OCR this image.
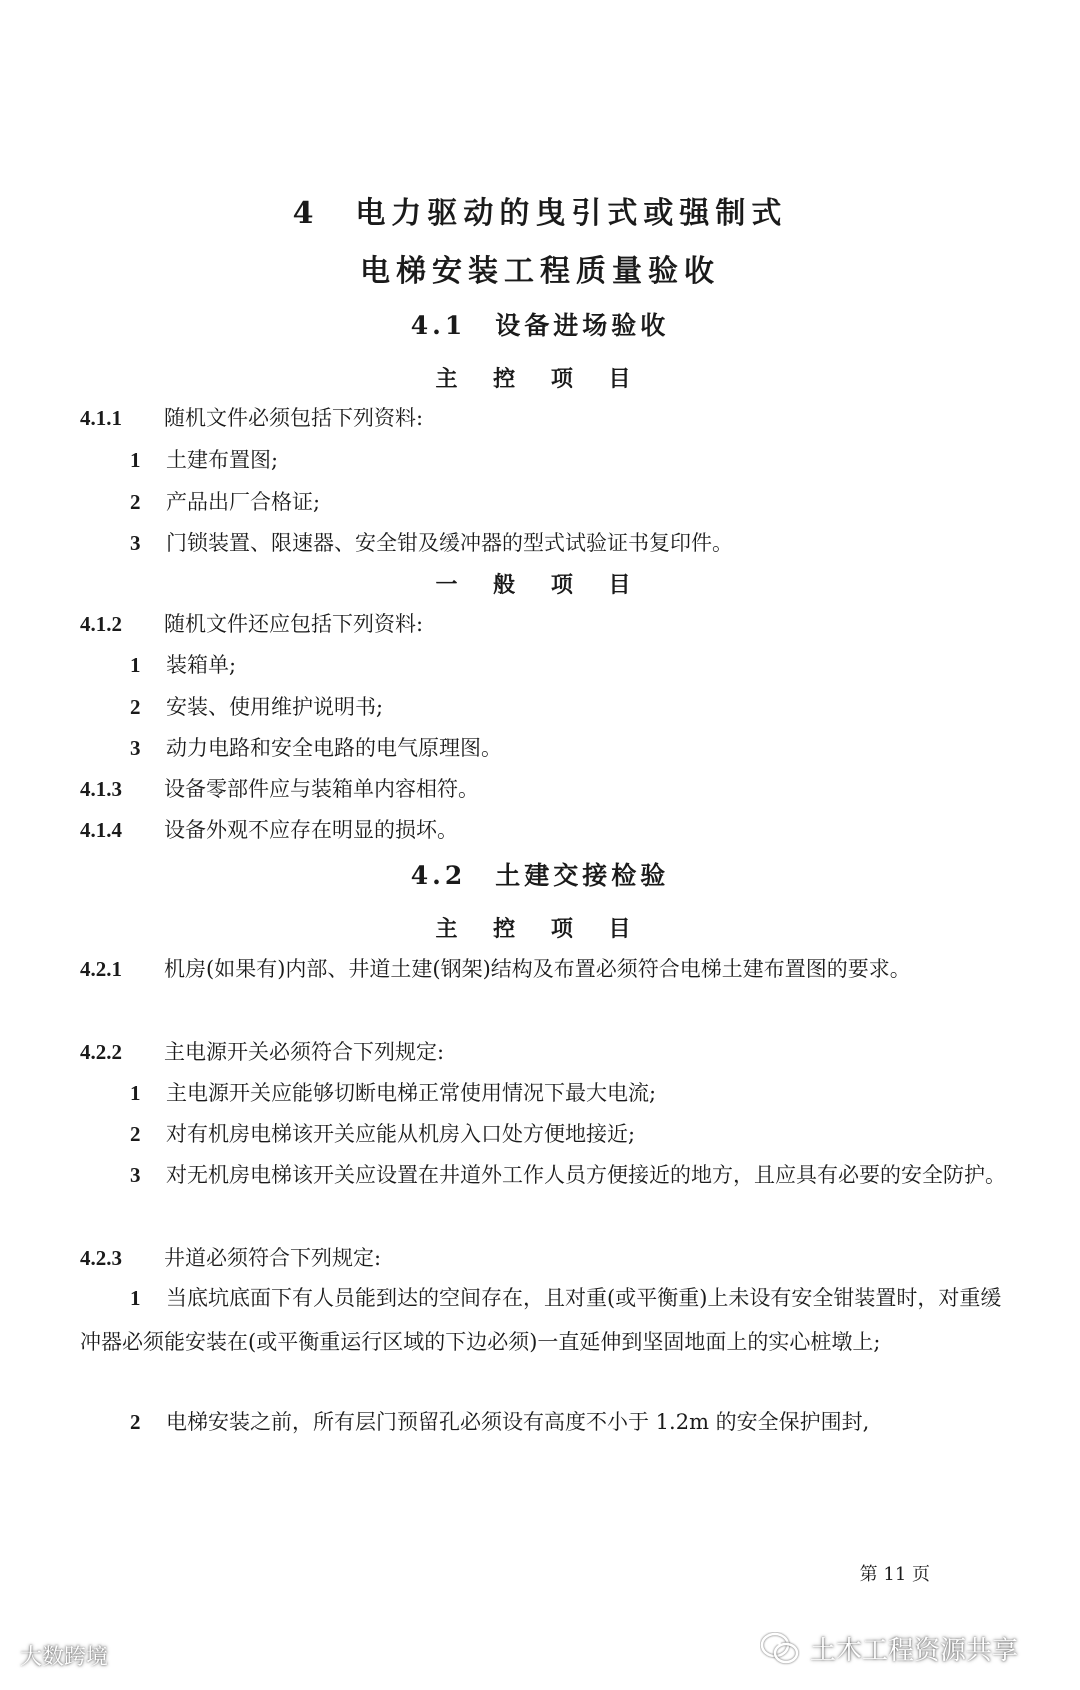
4　电力驱动的曳引式或强制式
电梯安装工程质量验收
4.1　设备进场验收
主 控 项 目

4.1.1 随机文件必须包括下列资料:

1 土建布置图;

2 产品出厂合格证;

3 门锁装置、限速器、安全钳及缓冲器的型式试验证书复印件。

一 般 项 目

4.1.2 随机文件还应包括下列资料:

1 装箱单;

2 安装、使用维护说明书;

3 动力电路和安全电路的电气原理图。

4.1.3 设备零部件应与装箱单内容相符。

4.1.4 设备外观不应存在明显的损坏。

4.2　土建交接检验
主 控 项 目

4.2.1 机房(如果有)内部、井道土建(钢架)结构及布置必须符合电梯土建布置图的要求。

4.2.2 主电源开关必须符合下列规定:

1 主电源开关应能够切断电梯正常使用情况下最大电流;

2 对有机房电梯该开关应能从机房入口处方便地接近;

3 对无机房电梯该开关应设置在井道外工作人员方便接近的地方，且应具有必要的安全防护。

4.2.3 井道必须符合下列规定:

1 当底坑底面下有人员能到达的空间存在，且对重(或平衡重)上未设有安全钳装置时，对重缓冲器必须能安装在(或平衡重运行区域的下边必须)一直延伸到坚固地面上的实心桩墩上;

2 电梯安装之前，所有层门预留孔必须设有高度不小于 1.2m 的安全保护围封,

第 11 页
大数跨境	土木工程资源共享
